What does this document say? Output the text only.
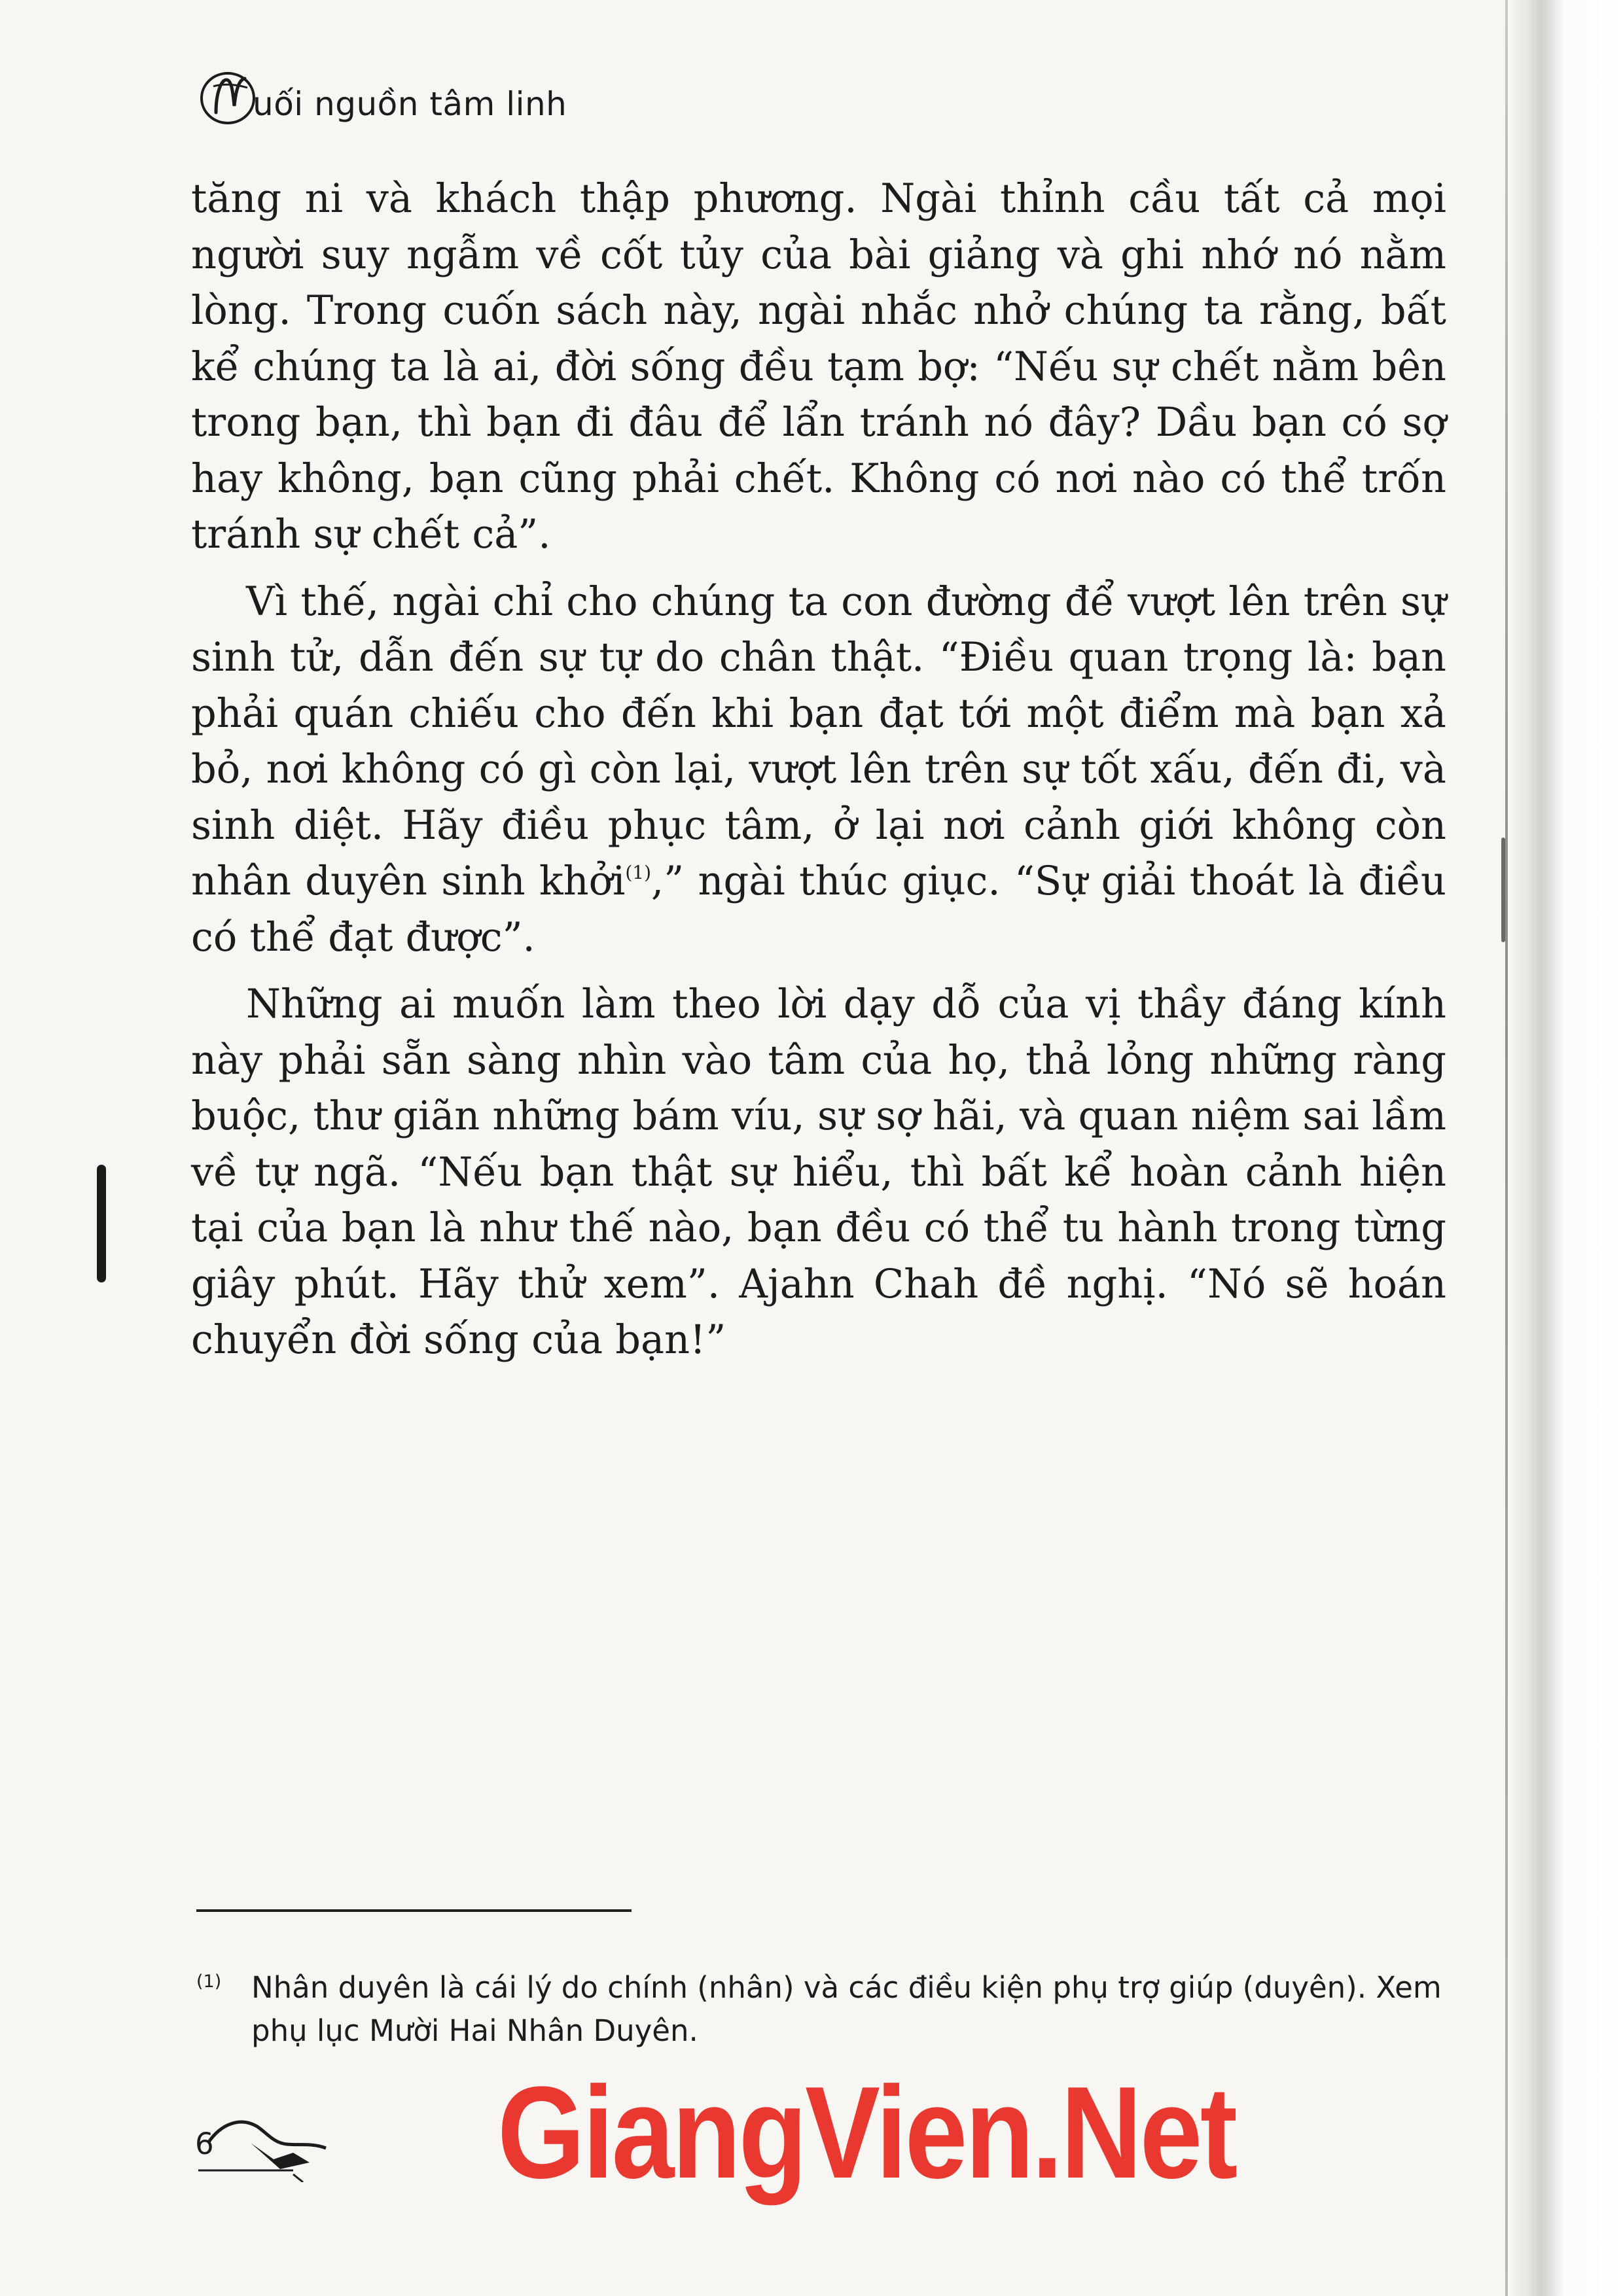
uối nguồn tâm linh

tăng ni và khách thập phương. Ngài thỉnh cầu tất cả mọi người suy ngẫm về cốt tủy của bài giảng và ghi nhớ nó nằm lòng. Trong cuốn sách này, ngài nhắc nhở chúng ta rằng, bất kể chúng ta là ai, đời sống đều tạm bợ: “Nếu sự chết nằm bên trong bạn, thì bạn đi đâu để lẩn tránh nó đây? Dầu bạn có sợ hay không, bạn cũng phải chết. Không có nơi nào có thể trốn tránh sự chết cả”.

Vì thế, ngài chỉ cho chúng ta con đường để vượt lên trên sự sinh tử, dẫn đến sự tự do chân thật. “Điều quan trọng là: bạn phải quán chiếu cho đến khi bạn đạt tới một điểm mà bạn xả bỏ, nơi không có gì còn lại, vượt lên trên sự tốt xấu, đến đi, và sinh diệt. Hãy điều phục tâm, ở lại nơi cảnh giới không còn nhân duyên sinh khởi$^{(1)}$,” ngài thúc giục. “Sự giải thoát là điều có thể đạt được”.

Những ai muốn làm theo lời dạy dỗ của vị thầy đáng kính này phải sẵn sàng nhìn vào tâm của họ, thả lỏng những ràng buộc, thư giãn những bám víu, sự sợ hãi, và quan niệm sai lầm về tự ngã. “Nếu bạn thật sự hiểu, thì bất kể hoàn cảnh hiện tại của bạn là như thế nào, bạn đều có thể tu hành trong từng giây phút. Hãy thử xem”. Ajahn Chah đề nghị. “Nó sẽ hoán chuyển đời sống của bạn!”

(1)	Nhân duyên là cái lý do chính (nhân) và các điều kiện phụ trợ giúp (duyên). Xem phụ lục Mười Hai Nhân Duyên.
6 GiangVien.Net
